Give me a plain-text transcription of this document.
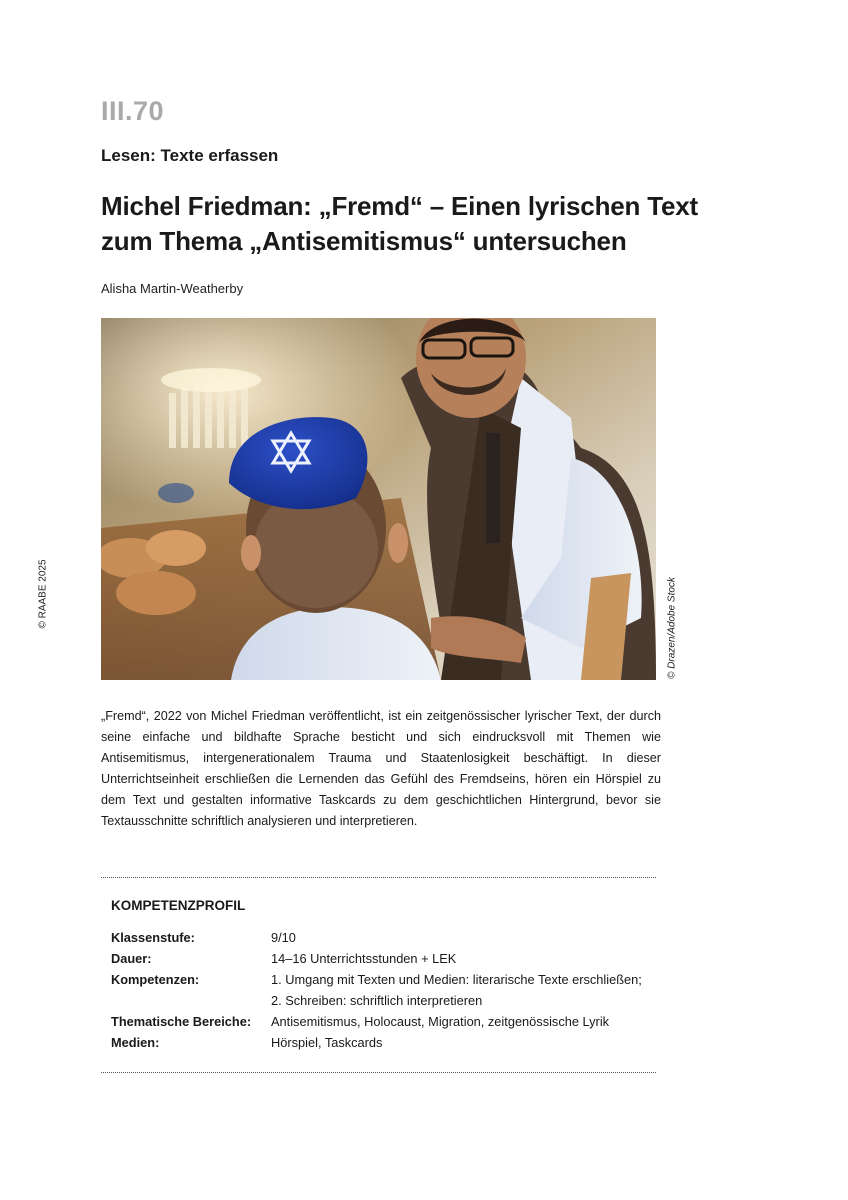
III.70
Lesen: Texte erfassen
Michel Friedman: „Fremd“ – Einen lyrischen Text
zum Thema „Antisemitismus“ untersuchen
Alisha Martin-Weatherby
© RAABE 2025	© Drazen/Adobe Stock
„Fremd“, 2022 von Michel Friedman veröffentlicht, ist ein zeitgenössischer lyrischer Text, der durch seine einfache und bildhafte Sprache besticht und sich eindrucksvoll mit Themen wie Antisemitismus, intergenerationalem Trauma und Staatenlosigkeit beschäftigt. In dieser Unterrichtseinheit erschließen die Lernenden das Gefühl des Fremdseins, hören ein Hörspiel zu dem Text und gestalten informative Taskcards zu dem geschichtlichen Hintergrund, bevor sie Textausschnitte schriftlich analysieren und interpretieren.
KOMPETENZPROFIL
Klassenstufe:	9/10
Dauer:	14–16 Unterrichtsstunden + LEK
Kompetenzen:	1. Umgang mit Texten und Medien: literarische Texte erschließen;
2. Schreiben: schriftlich interpretieren
Thematische Bereiche:	Antisemitismus, Holocaust, Migration, zeitgenössische Lyrik
Medien:	Hörspiel, Taskcards
